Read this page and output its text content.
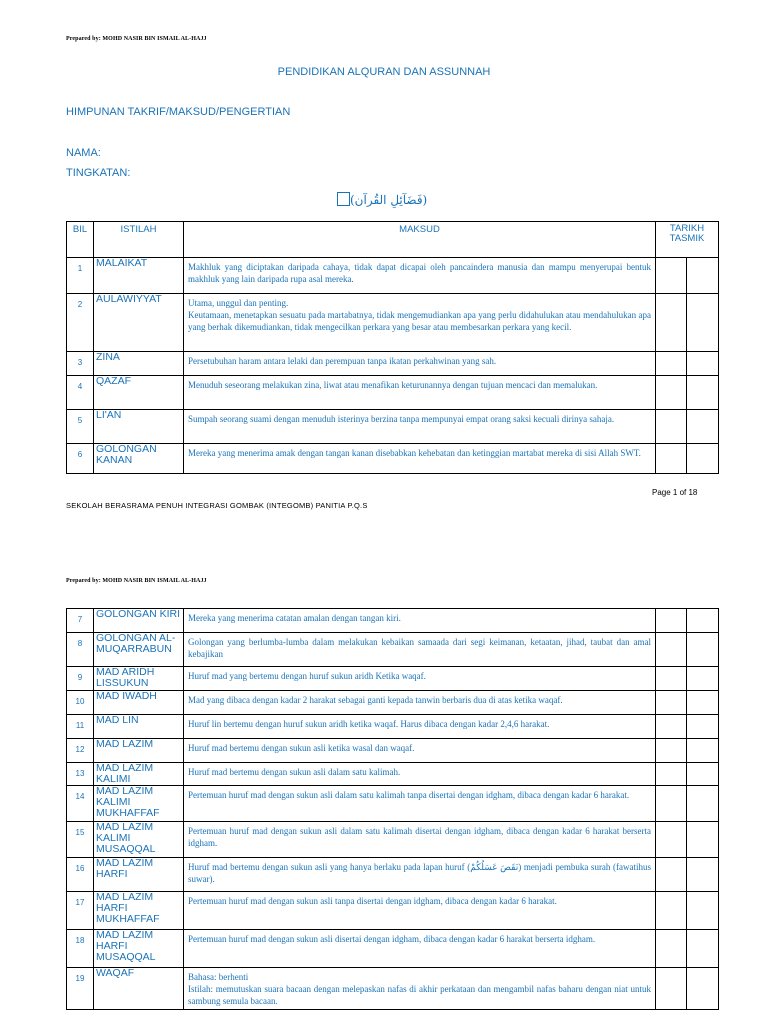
Prepared by: MOHD NASIR BIN ISMAIL AL-HAJJ
PENDIDIKAN ALQURAN DAN ASSUNNAH
HIMPUNAN TAKRIF/MAKSUD/PENGERTIAN
NAMA:
TINGKATAN:
(فَضَآئِلِ القُرآن)
BIL	ISTILAH	MAKSUD	TARIKH TASMIK	

1	MALAIKAT	Makhluk yang diciptakan daripada cahaya, tidak dapat dicapai oleh pancaindera manusia dan mampu menyerupai bentuk makhluk yang lain daripada rupa asal mereka.		
2	AULAWIYYAT	Utama, unggul dan penting.
Keutamaan, menetapkan sesuatu pada martabatnya, tidak mengemudiankan apa yang perlu didahulukan atau mendahulukan apa yang berhak dikemudiankan, tidak mengecilkan perkara yang besar atau membesarkan perkara yang kecil.		
3	ZINA	Persetubuhan haram antara lelaki dan perempuan tanpa ikatan perkahwinan yang sah.		
4	QAZAF	Menuduh seseorang melakukan zina, liwat atau menafikan keturunannya dengan tujuan mencaci dan memalukan.		
5	LI'AN	Sumpah seorang suami dengan menuduh isterinya berzina tanpa mempunyai empat orang saksi kecuali dirinya sahaja.		
6	GOLONGAN KANAN	Mereka yang menerima amak dengan tangan kanan disebabkan kehebatan dan ketinggian martabat mereka di sisi Allah SWT.		
Page 1 of 18
SEKOLAH BERASRAMA PENUH INTEGRASI GOMBAK (INTEGOMB) PANITIA P.Q.S
Prepared by: MOHD NASIR BIN ISMAIL AL-HAJJ
7	GOLONGAN KIRI	Mereka yang menerima catatan amalan dengan tangan kiri.		
8	GOLONGAN AL-MUQARRABUN	Golongan yang berlumba-lumba dalam melakukan kebaikan samaada dari segi keimanan, ketaatan, jihad, taubat dan amal kebajikan		
9	MAD ARIDH LISSUKUN	Huruf mad yang bertemu dengan huruf sukun aridh Ketika waqaf.		
10	MAD IWADH	Mad yang dibaca dengan kadar 2 harakat sebagai ganti kepada tanwin berbaris dua di atas ketika waqaf.		
11	MAD LIN	Huruf lin bertemu dengan huruf sukun aridh ketika waqaf. Harus dibaca dengan kadar 2,4,6 harakat.		
12	MAD LAZIM	Huruf mad bertemu dengan sukun asli ketika wasal dan waqaf.		
13	MAD LAZIM KALIMI	Huruf mad bertemu dengan sukun asli dalam satu kalimah.		
14	MAD LAZIM KALIMI MUKHAFFAF	Pertemuan huruf mad dengan sukun asli dalam satu kalimah tanpa disertai dengan idgham, dibaca dengan kadar 6 harakat.		
15	MAD LAZIM KALIMI MUSAQQAL	Pertemuan huruf mad dengan sukun asli dalam satu kalimah disertai dengan idgham, dibaca dengan kadar 6 harakat berserta idgham.		
16	MAD LAZIM HARFI	Huruf mad bertemu dengan sukun asli yang hanya berlaku pada lapan huruf (نَقَصَ عَسَلُكُمْ) menjadi pembuka surah (fawatihus suwar).		
17	MAD LAZIM HARFI MUKHAFFAF	Pertemuan huruf mad dengan sukun asli tanpa disertai dengan idgham, dibaca dengan kadar 6 harakat.		
18	MAD LAZIM HARFI MUSAQQAL	Pertemuan huruf mad dengan sukun asli disertai dengan idgham, dibaca dengan kadar 6 harakat berserta idgham.		
19	WAQAF	Bahasa: berhenti
Istilah: memutuskan suara bacaan dengan melepaskan nafas di akhir perkataan dan mengambil nafas baharu dengan niat untuk sambung semula bacaan.		
